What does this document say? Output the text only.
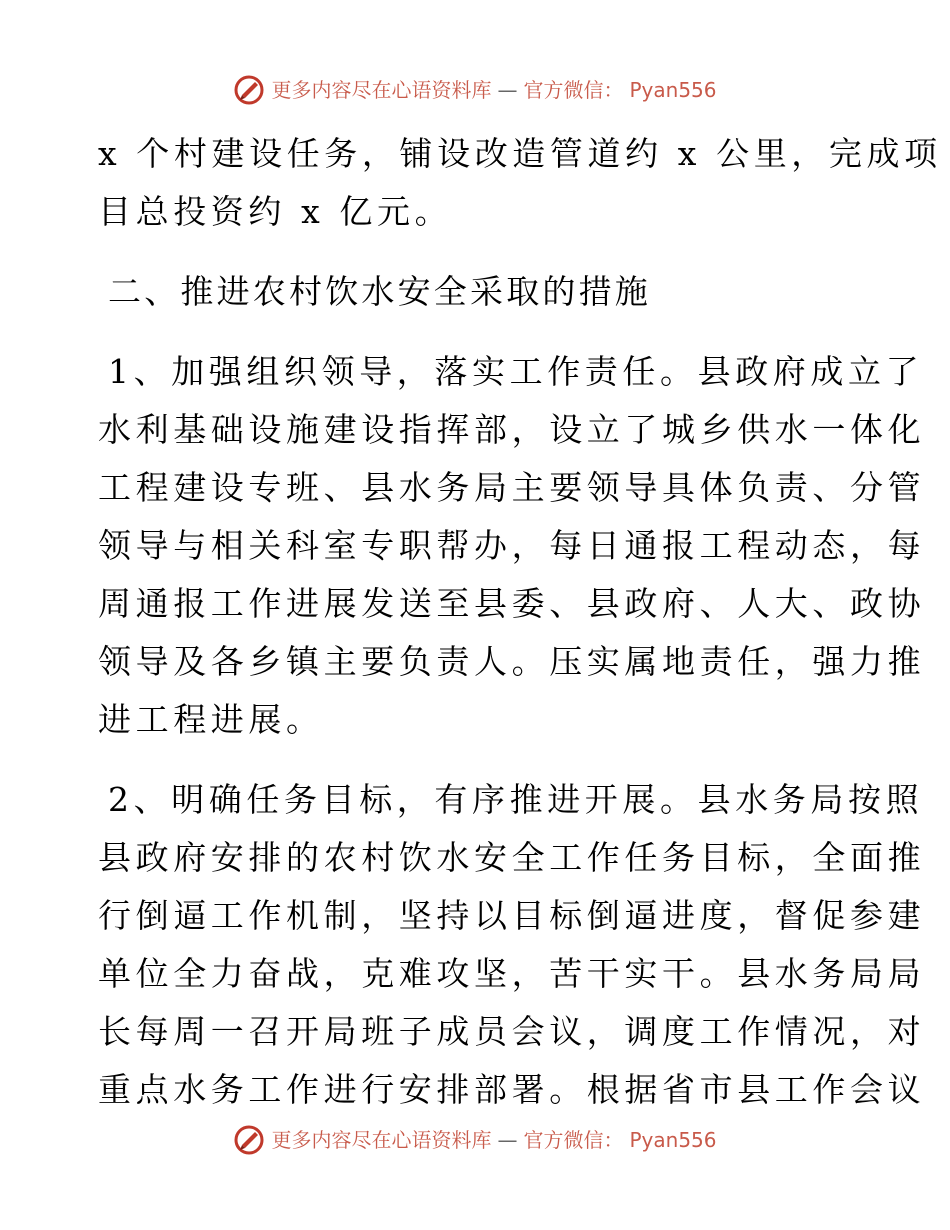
更多内容尽在心语资料库 — 官方微信： Pyan556
x 个村建设任务，铺设改造管道约 x 公里，完成项
目总投资约 x 亿元。
二、推进农村饮水安全采取的措施
1、加强组织领导，落实工作责任。县政府成立了
水利基础设施建设指挥部，设立了城乡供水一体化
工程建设专班、县水务局主要领导具体负责、分管
领导与相关科室专职帮办，每日通报工程动态，每
周通报工作进展发送至县委、县政府、人大、政协
领导及各乡镇主要负责人。压实属地责任，强力推
进工程进展。
2、明确任务目标，有序推进开展。县水务局按照
县政府安排的农村饮水安全工作任务目标，全面推
行倒逼工作机制，坚持以目标倒逼进度，督促参建
单位全力奋战，克难攻坚，苦干实干。县水务局局
长每周一召开局班子成员会议，调度工作情况，对
重点水务工作进行安排部署。根据省市县工作会议
更多内容尽在心语资料库 — 官方微信： Pyan556
